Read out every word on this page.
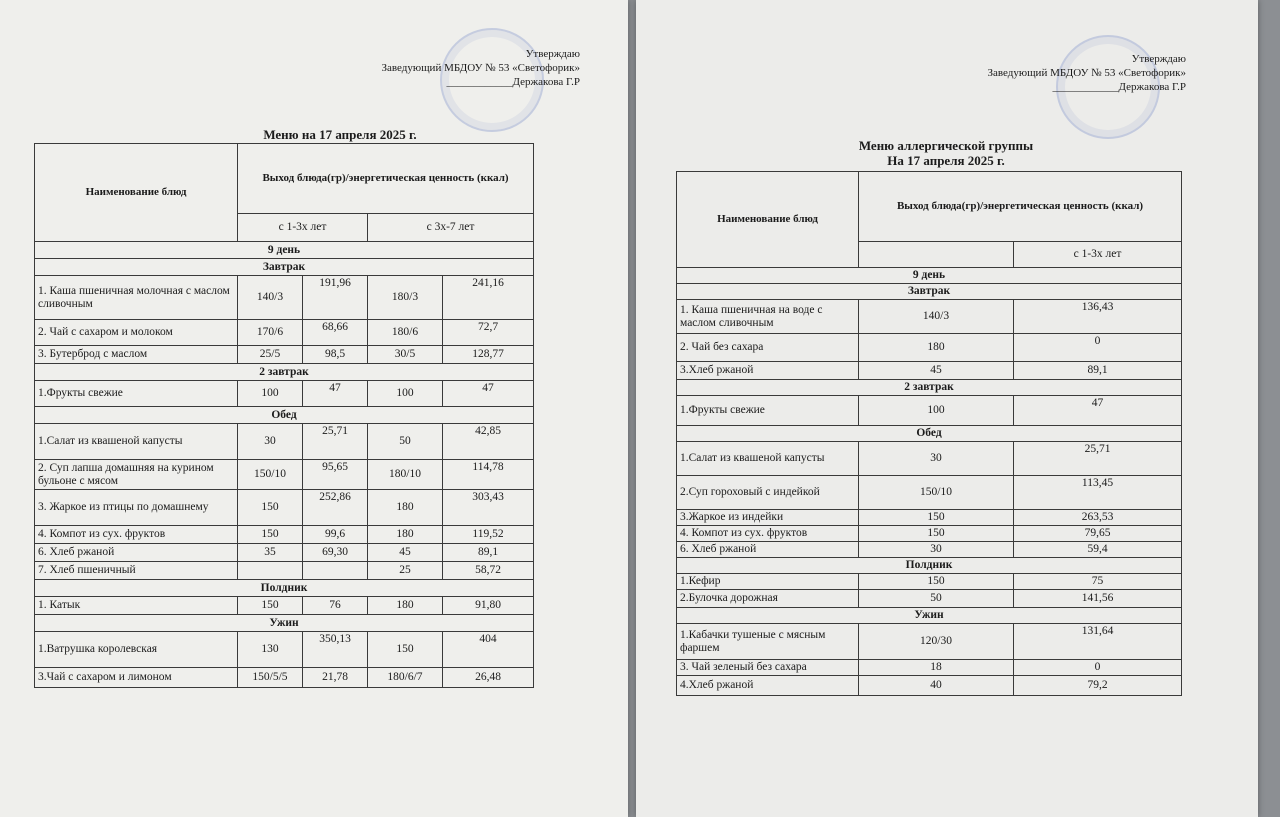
Утверждаю
Заведующий МБДОУ № 53 «Светофорик»
____________Держакова Г.Р
Меню на 17 апреля 2025 г.
Наименование блюд	Выход блюда(гр)/энергетическая ценность (ккал)			
	с 1-3х лет		с 3х-7 лет	
9 день				
Завтрак				
1. Каша пшеничная молочная с маслом сливочным	140/3	191,96	180/3	241,16
2. Чай с сахаром и молоком	170/6	68,66	180/6	72,7
3. Бутерброд с маслом	25/5	98,5	30/5	128,77
2 завтрак				
1.Фрукты свежие	100	47	100	47
Обед				
1.Салат из квашеной капусты	30	25,71	50	42,85
2. Суп лапша домашняя на курином бульоне с мясом	150/10	95,65	180/10	114,78
3. Жаркое из птицы по домашнему	150	252,86	180	303,43
4. Компот из сух. фруктов	150	99,6	180	119,52
6. Хлеб ржаной	35	69,30	45	89,1
7. Хлеб пшеничный			25	58,72
Полдник				
1. Катык	150	76	180	91,80
Ужин				
1.Ватрушка королевская	130	350,13	150	404
3.Чай с сахаром и лимоном	150/5/5	21,78	180/6/7	26,48
Утверждаю
Заведующий МБДОУ № 53 «Светофорик»
____________Держакова Г.Р
Меню аллергической группы
На 17 апреля 2025 г.
Наименование блюд	Выход блюда(гр)/энергетическая ценность (ккал)	
		с 1-3х лет
9 день		
Завтрак		
1. Каша пшеничная на воде с маслом сливочным	140/3	136,43
2. Чай без сахара	180	0
3.Хлеб ржаной	45	89,1
2 завтрак		
1.Фрукты свежие	100	47
Обед		
1.Салат из квашеной капусты	30	25,71
2.Суп гороховый с индейкой	150/10	113,45
3.Жаркое из индейки	150	263,53
4. Компот из сух. фруктов	150	79,65
6. Хлеб ржаной	30	59,4
Полдник		
1.Кефир	150	75
2.Булочка дорожная	50	141,56
Ужин		
1.Кабачки тушеные с мясным фаршем	120/30	131,64
3. Чай зеленый без сахара	18	0
4.Хлеб ржаной	40	79,2
